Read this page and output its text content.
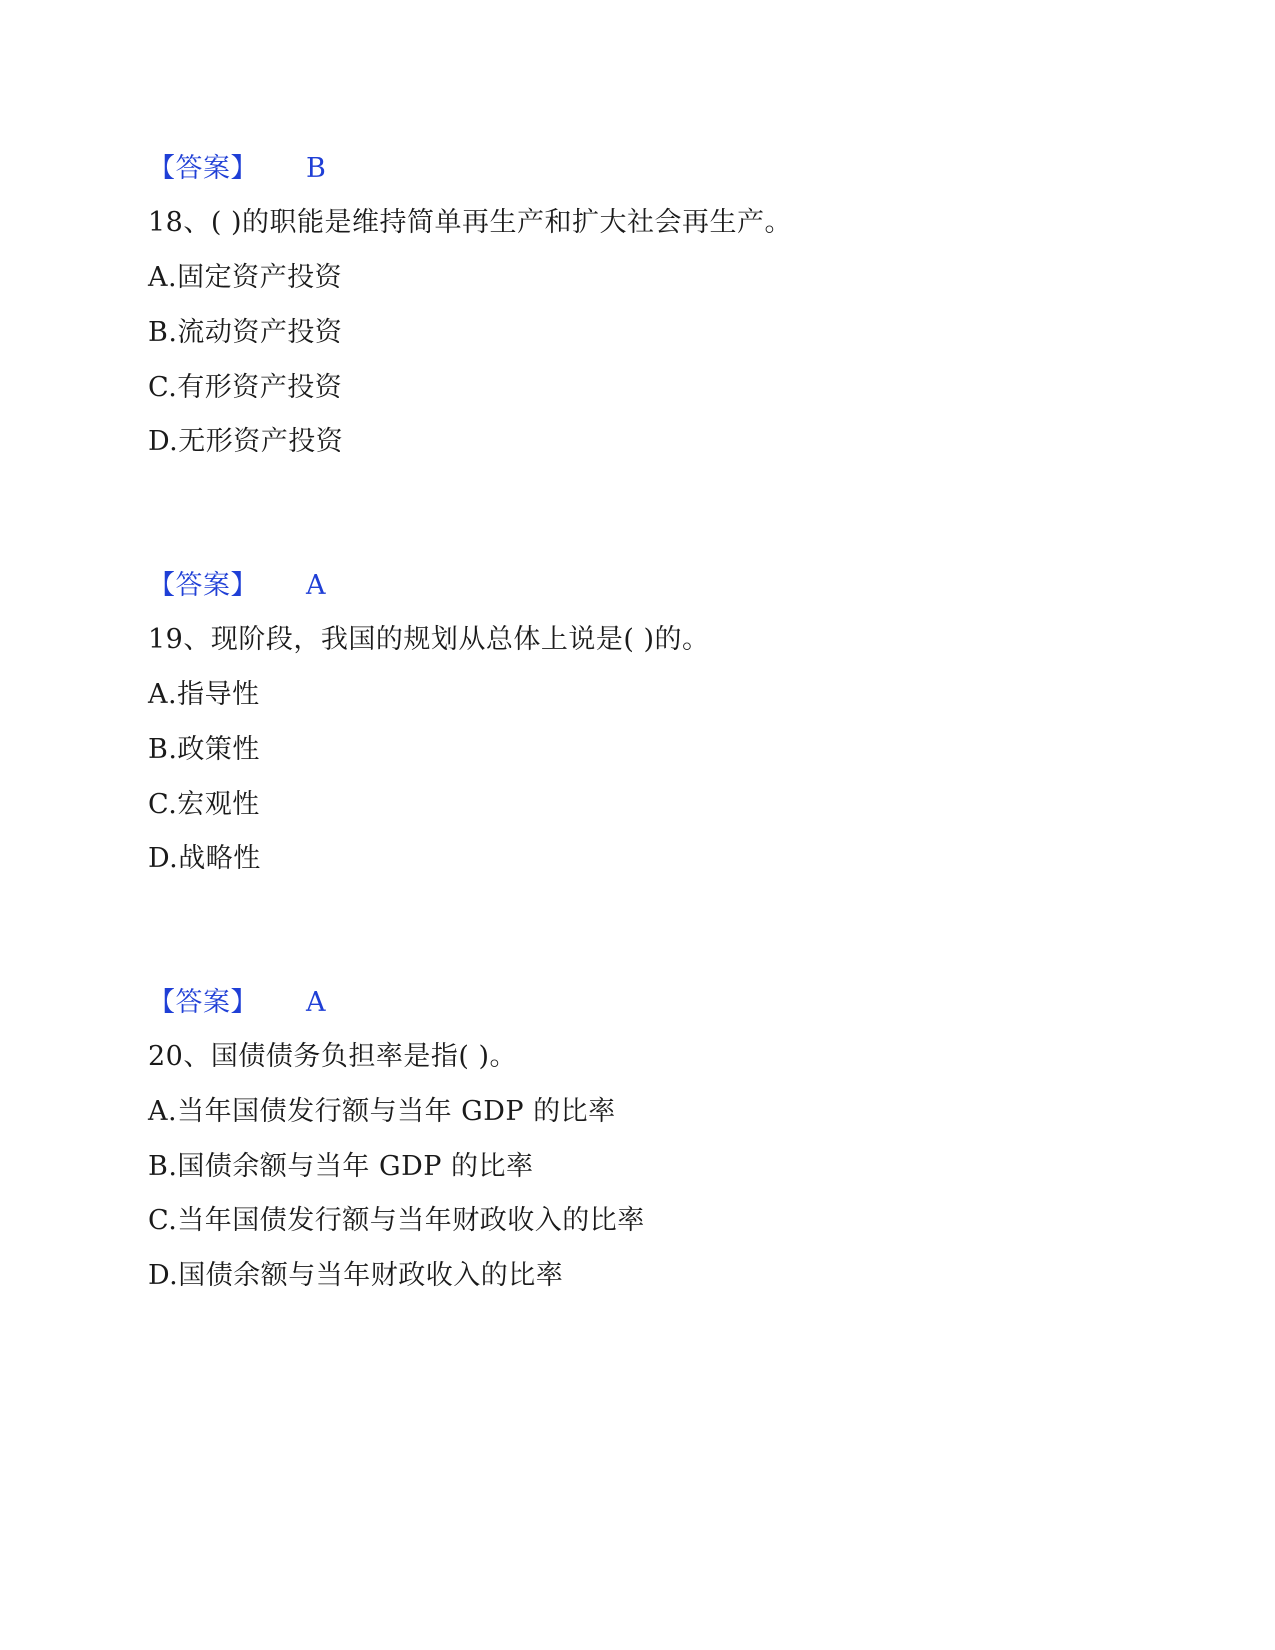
【答案】 B
18、( )的职能是维持简单再生产和扩大社会再生产。
A.固定资产投资
B.流动资产投资
C.有形资产投资
D.无形资产投资
【答案】 A
19、现阶段，我国的规划从总体上说是( )的。
A.指导性
B.政策性
C.宏观性
D.战略性
【答案】 A
20、国债债务负担率是指( )。
A.当年国债发行额与当年 GDP 的比率
B.国债余额与当年 GDP 的比率
C.当年国债发行额与当年财政收入的比率
D.国债余额与当年财政收入的比率
